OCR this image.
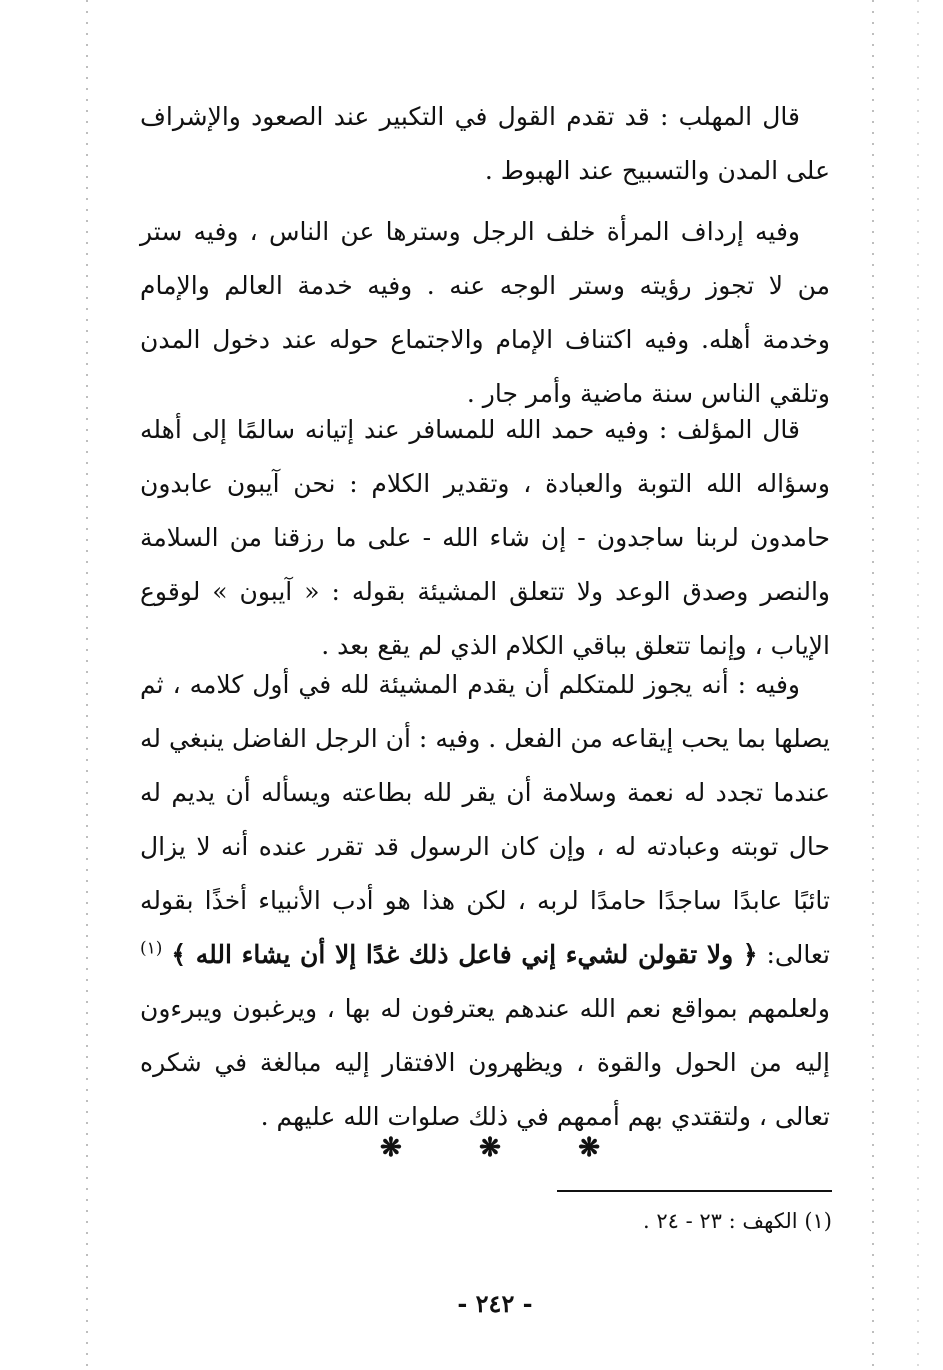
قال المهلب : قد تقدم القول في التكبير عند الصعود والإشراف على المدن والتسبيح عند الهبوط .

وفيه إرداف المرأة خلف الرجل وسترها عن الناس ، وفيه ستر من لا تجوز رؤيته وستر الوجه عنه . وفيه خدمة العالم والإمام وخدمة أهله. وفيه اكتناف الإمام والاجتماع حوله عند دخول المدن وتلقي الناس سنة ماضية وأمر جار .

قال المؤلف : وفيه حمد الله للمسافر عند إتيانه سالمًا إلى أهله وسؤاله الله التوبة والعبادة ، وتقدير الكلام : نحن آيبون عابدون حامدون لربنا ساجدون - إن شاء الله - على ما رزقنا من السلامة والنصر وصدق الوعد ولا تتعلق المشيئة بقوله : « آيبون » لوقوع الإياب ، وإنما تتعلق بباقي الكلام الذي لم يقع بعد .

وفيه : أنه يجوز للمتكلم أن يقدم المشيئة لله في أول كلامه ، ثم يصلها بما يحب إيقاعه من الفعل . وفيه : أن الرجل الفاضل ينبغي له عندما تجدد له نعمة وسلامة أن يقر لله بطاعته ويسأله أن يديم له حال توبته وعبادته له ، وإن كان الرسول قد تقرر عنده أنه لا يزال تائبًا عابدًا ساجدًا حامدًا لربه ، لكن هذا هو أدب الأنبياء أخذًا بقوله تعالى: ﴿ ولا تقولن لشيء إني فاعل ذلك غدًا إلا أن يشاء الله ﴾ $^{(١)}$ ولعلمهم بمواقع نعم الله عندهم يعترفون له بها ، ويرغبون ويبرءون إليه من الحول والقوة ، ويظهرون الافتقار إليه مبالغة في شكره تعالى ، ولتقتدي بهم أممهم في ذلك صلوات الله عليهم .

❋
❋
❋
(١) الكهف : ٢٣ - ٢٤ .
- ٢٤٢ -
